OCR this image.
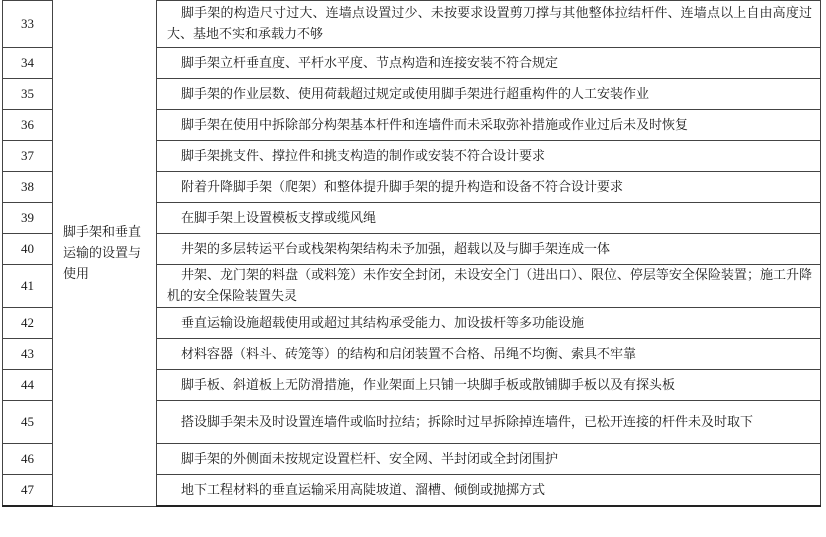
33	脚手架和垂直运输的设置与使用	脚手架的构造尺寸过大、连墙点设置过少、未按要求设置剪刀撑与其他整体拉结杆件、连墙点以上自由高度过大、基地不实和承载力不够

34		脚手架立杆垂直度、平杆水平度、节点构造和连接安装不符合规定

35		脚手架的作业层数、使用荷载超过规定或使用脚手架进行超重构件的人工安装作业

36		脚手架在使用中拆除部分构架基本杆件和连墙件而未采取弥补措施或作业过后未及时恢复

37		脚手架挑支件、撑拉件和挑支构造的制作或安装不符合设计要求

38		附着升降脚手架（爬架）和整体提升脚手架的提升构造和设备不符合设计要求

39		在脚手架上设置模板支撑或缆风绳

40		井架的多层转运平台或栈架构架结构未予加强，超载以及与脚手架连成一体

41		井架、龙门架的料盘（或料笼）未作安全封闭，未设安全门（进出口）、限位、停层等安全保险装置；施工升降机的安全保险装置失灵

42		垂直运输设施超载使用或超过其结构承受能力、加设拔杆等多功能设施

43		材料容器（料斗、砖笼等）的结构和启闭装置不合格、吊绳不均衡、索具不牢靠

44		脚手板、斜道板上无防滑措施，作业架面上只铺一块脚手板或散铺脚手板以及有探头板

45		搭设脚手架未及时设置连墙件或临时拉结；拆除时过早拆除掉连墙件，已松开连接的杆件未及时取下

46		脚手架的外侧面未按规定设置栏杆、安全网、半封闭或全封闭围护

47		地下工程材料的垂直运输采用高陡坡道、溜槽、倾倒或抛掷方式
